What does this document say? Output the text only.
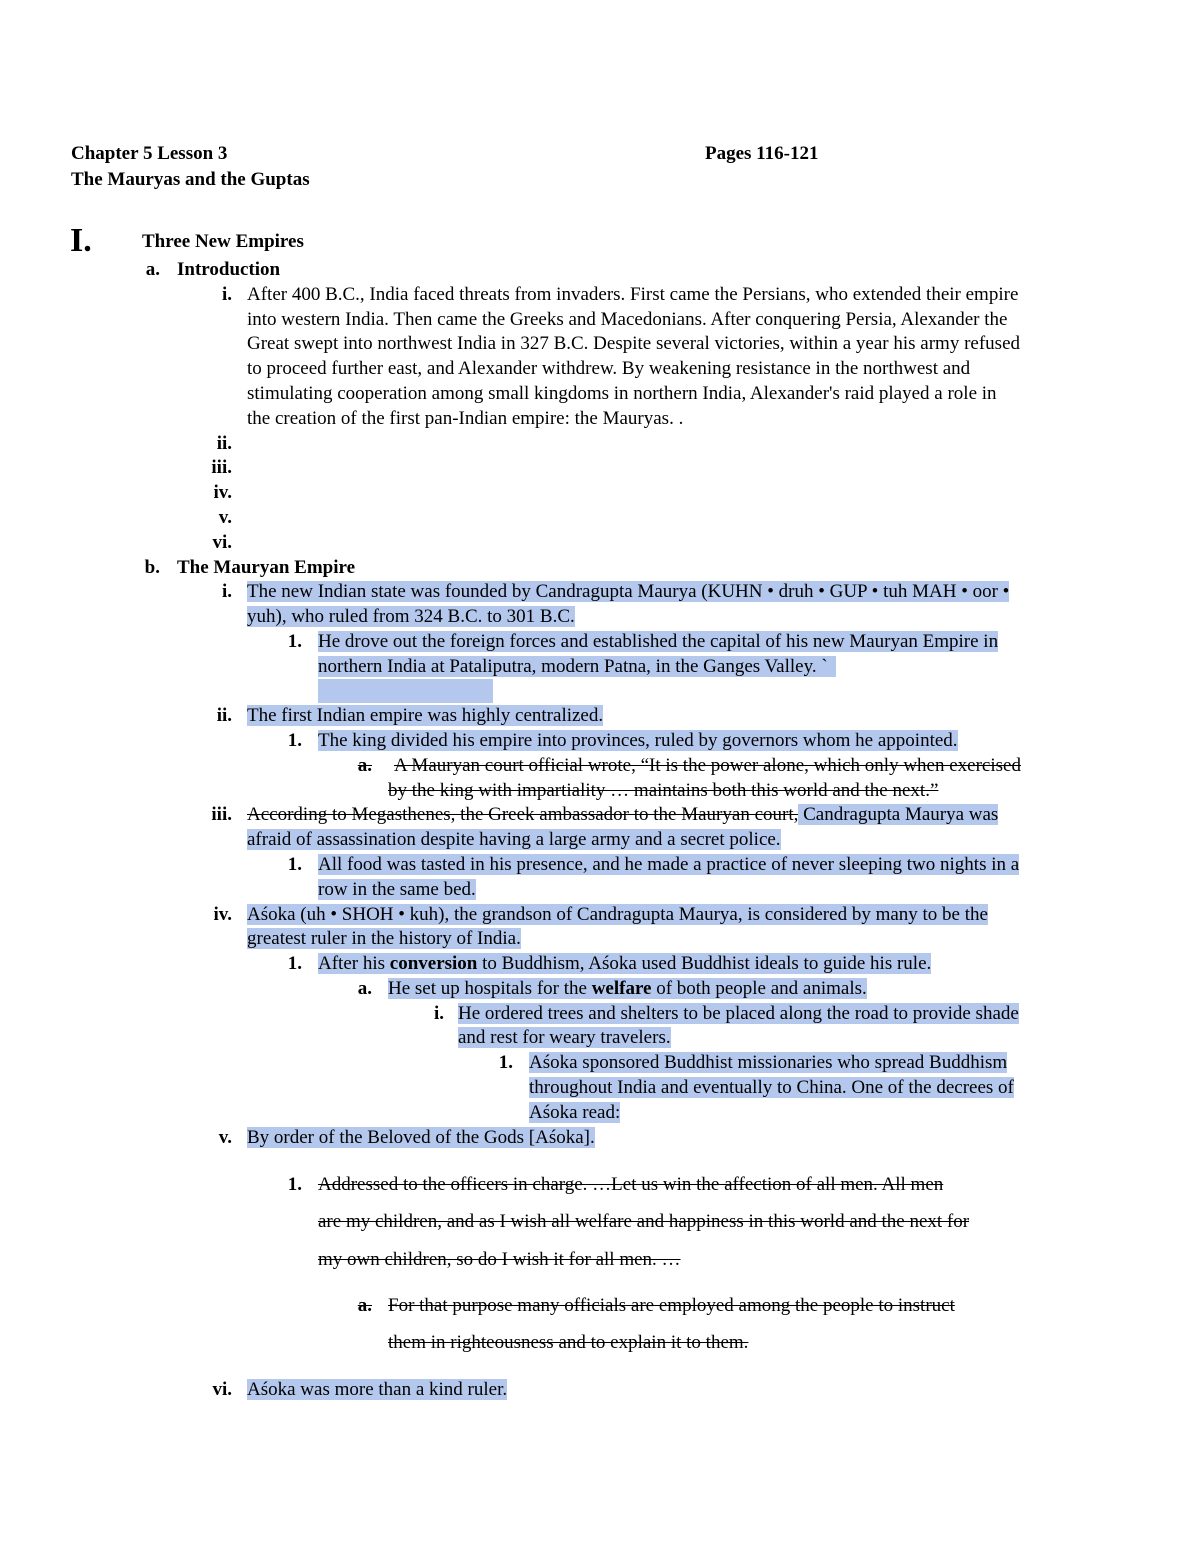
Chapter 5 Lesson 3	Pages 116-121
The Mauryas and the Guptas
I.	Three New Empires
a. Introduction
i. After 400 B.C., India faced threats from invaders. First came the Persians, who extended their empire
into western India. Then came the Greeks and Macedonians. After conquering Persia, Alexander the
Great swept into northwest India in 327 B.C. Despite several victories, within a year his army refused
to proceed further east, and Alexander withdrew. By weakening resistance in the northwest and
stimulating cooperation among small kingdoms in northern India, Alexander's raid played a role in
the creation of the first pan-Indian empire: the Mauryas. .
ii.
iii.
iv.
v.
vi.
b. The Mauryan Empire
i. The new Indian state was founded by Candragupta Maurya (KUHN • druh • GUP • tuh MAH • oor •
yuh), who ruled from 324 B.C. to 301 B.C.
1. He drove out the foreign forces and established the capital of his new Mauryan Empire in
northern India at Pataliputra, modern Patna, in the Ganges Valley. `
ii. The first Indian empire was highly centralized.
1. The king divided his empire into provinces, ruled by governors whom he appointed.
a. A Mauryan court official wrote, “It is the power alone, which only when exercised
by the king with impartiality … maintains both this world and the next.”
iii. According to Megasthenes, the Greek ambassador to the Mauryan court, Candragupta Maurya was
afraid of assassination despite having a large army and a secret police.
1. All food was tasted in his presence, and he made a practice of never sleeping two nights in a
row in the same bed.
iv. Aśoka (uh • SHOH • kuh), the grandson of Candragupta Maurya, is considered by many to be the
greatest ruler in the history of India.
1. After his conversion to Buddhism, Aśoka used Buddhist ideals to guide his rule.
a. He set up hospitals for the welfare of both people and animals.
i. He ordered trees and shelters to be placed along the road to provide shade
and rest for weary travelers.
1. Aśoka sponsored Buddhist missionaries who spread Buddhism
throughout India and eventually to China. One of the decrees of
Aśoka read:
v. By order of the Beloved of the Gods [Aśoka].
1. Addressed to the officers in charge. …Let us win the affection of all men. All men
are my children, and as I wish all welfare and happiness in this world and the next for
my own children, so do I wish it for all men. …
a. For that purpose many officials are employed among the people to instruct
them in righteousness and to explain it to them.
vi. Aśoka was more than a kind ruler.
